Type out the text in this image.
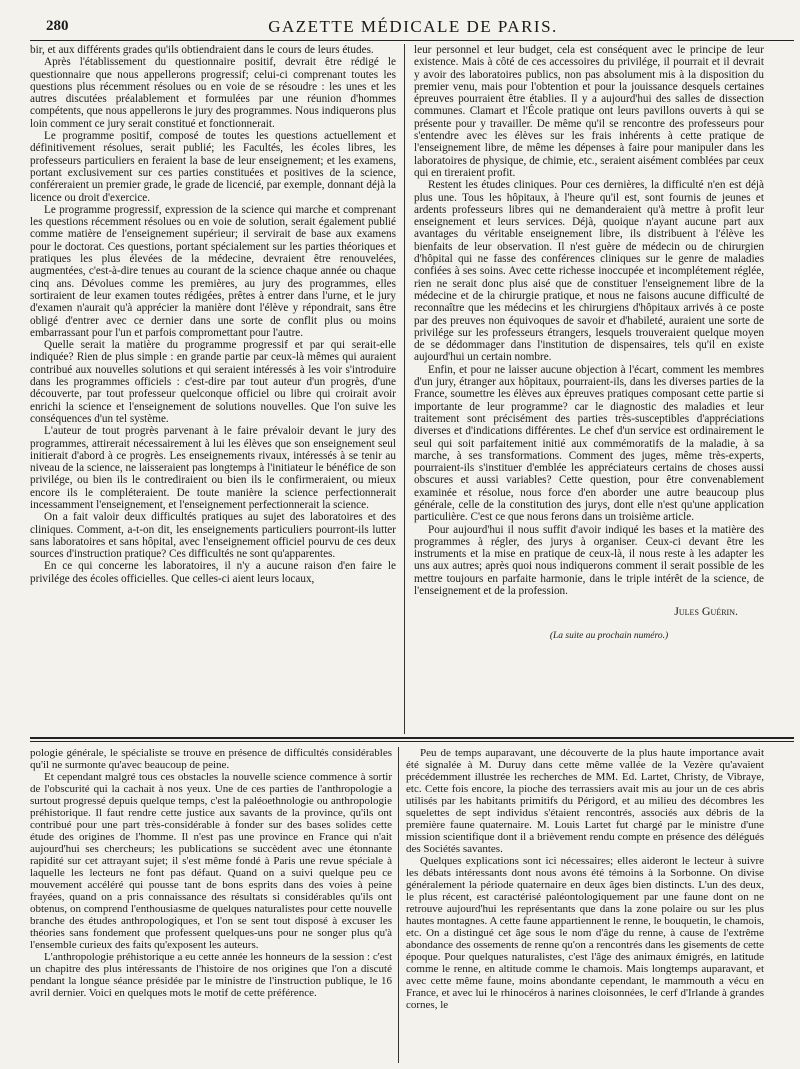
280	GAZETTE MÉDICALE DE PARIS.

bir, et aux différents grades qu'ils obtiendraient dans le cours de leurs études.

Après l'établissement du questionnaire positif, devrait être rédigé le questionnaire que nous appellerons progressif; celui-ci comprenant toutes les questions plus récemment résolues ou en voie de se résoudre : les unes et les autres discutées préalablement et formulées par une réunion d'hommes compétents, que nous appellerons le jury des programmes. Nous indiquerons plus loin comment ce jury serait constitué et fonctionnerait.

Le programme positif, composé de toutes les questions actuellement et définitivement résolues, serait publié; les Facultés, les écoles libres, les professeurs particuliers en feraient la base de leur enseignement; et les examens, portant exclusivement sur ces parties constituées et positives de la science, conféreraient un premier grade, le grade de licencié, par exemple, donnant déjà la licence ou droit d'exercice.

Le programme progressif, expression de la science qui marche et comprenant les questions récemment résolues ou en voie de solution, serait également publié comme matière de l'enseignement supérieur; il servirait de base aux examens pour le doctorat. Ces questions, portant spécialement sur les parties théoriques et pratiques les plus élevées de la médecine, devraient être renouvelées, augmentées, c'est-à-dire tenues au courant de la science chaque année ou chaque cinq ans. Dévolues comme les premières, au jury des programmes, elles sortiraient de leur examen toutes rédigées, prêtes à entrer dans l'urne, et le jury d'examen n'aurait qu'à apprécier la manière dont l'élève y répondrait, sans être obligé d'entrer avec ce dernier dans une sorte de conflit plus ou moins embarrassant pour l'un et parfois compromettant pour l'autre.

Quelle serait la matière du programme progressif et par qui serait-elle indiquée? Rien de plus simple : en grande partie par ceux-là mêmes qui auraient contribué aux nouvelles solutions et qui seraient intéressés à les voir s'introduire dans les programmes officiels : c'est-dire par tout auteur d'un progrès, d'une découverte, par tout professeur quelconque officiel ou libre qui croirait avoir enrichi la science et l'enseignement de solutions nouvelles. Que l'on suive les conséquences d'un tel système.

L'auteur de tout progrès parvenant à le faire prévaloir devant le jury des programmes, attirerait nécessairement à lui les élèves que son enseignement seul initierait d'abord à ce progrès. Les enseignements rivaux, intéressés à se tenir au niveau de la science, ne laisseraient pas longtemps à l'initiateur le bénéfice de son privilége, ou bien ils le contrediraient ou bien ils le confirmeraient, ou mieux encore ils le compléteraient. De toute manière la science perfectionnerait incessamment l'enseignement, et l'enseignement perfectionnerait la science.

On a fait valoir deux difficultés pratiques au sujet des laboratoires et des cliniques. Comment, a-t-on dit, les enseignements particuliers pourront-ils lutter sans laboratoires et sans hôpital, avec l'enseignement officiel pourvu de ces deux sources d'instruction pratique? Ces difficultés ne sont qu'apparentes.

En ce qui concerne les laboratoires, il n'y a aucune raison d'en faire le privilége des écoles officielles. Que celles-ci aient leurs locaux,

leur personnel et leur budget, cela est conséquent avec le principe de leur existence. Mais à côté de ces accessoires du privilége, il pourrait et il devrait y avoir des laboratoires publics, non pas absolument mis à la disposition du premier venu, mais pour l'obtention et pour la jouissance desquels certaines épreuves pourraient être établies. Il y a aujourd'hui des salles de dissection communes. Clamart et l'École pratique ont leurs pavillons ouverts à qui se présente pour y travailler. De même qu'il se rencontre des professeurs pour s'entendre avec les élèves sur les frais inhérents à cette pratique de l'enseignement libre, de même les dépenses à faire pour manipuler dans les laboratoires de physique, de chimie, etc., seraient aisément comblées par ceux qui en tireraient profit.

Restent les études cliniques. Pour ces dernières, la difficulté n'en est déjà plus une. Tous les hôpitaux, à l'heure qu'il est, sont fournis de jeunes et ardents professeurs libres qui ne demanderaient qu'à mettre à profit leur enseignement et leurs services. Déjà, quoique n'ayant aucune part aux avantages du véritable enseignement libre, ils distribuent à l'élève les bienfaits de leur observation. Il n'est guère de médecin ou de chirurgien d'hôpital qui ne fasse des conférences cliniques sur le genre de maladies confiées à ses soins. Avec cette richesse inoccupée et incomplétement réglée, rien ne serait donc plus aisé que de constituer l'enseignement libre de la médecine et de la chirurgie pratique, et nous ne faisons aucune difficulté de reconnaître que les médecins et les chirurgiens d'hôpitaux arrivés à ce poste par des preuves non équivoques de savoir et d'habileté, auraient une sorte de privilége sur les professeurs étrangers, lesquels trouveraient quelque moyen de se dédommager dans l'institution de dispensaires, tels qu'il en existe aujourd'hui un certain nombre.

Enfin, et pour ne laisser aucune objection à l'écart, comment les membres d'un jury, étranger aux hôpitaux, pourraient-ils, dans les diverses parties de la France, soumettre les élèves aux épreuves pratiques composant cette partie si importante de leur programme? car le diagnostic des maladies et leur traitement sont précisément des parties très-susceptibles d'appréciations diverses et d'indications différentes. Le chef d'un service est ordinairement le seul qui soit parfaitement initié aux commémoratifs de la maladie, à sa marche, à ses transformations. Comment des juges, même très-experts, pourraient-ils s'instituer d'emblée les appréciateurs certains de choses aussi obscures et aussi variables? Cette question, pour être convenablement examinée et résolue, nous force d'en aborder une autre beaucoup plus générale, celle de la constitution des jurys, dont elle n'est qu'une application particulière. C'est ce que nous ferons dans un troisième article.

Pour aujourd'hui il nous suffit d'avoir indiqué les bases et la matière des programmes à régler, des jurys à organiser. Ceux-ci devant être les instruments et la mise en pratique de ceux-là, il nous reste à les adapter les uns aux autres; après quoi nous indiquerons comment il serait possible de les mettre toujours en parfaite harmonie, dans le triple intérêt de la science, de l'enseignement et de la profession.

Jules Guérin.
(La suite au prochain numéro.)

pologie générale, le spécialiste se trouve en présence de difficultés considérables qu'il ne surmonte qu'avec beaucoup de peine.

Et cependant malgré tous ces obstacles la nouvelle science commence à sortir de l'obscurité qui la cachait à nos yeux. Une de ces parties de l'anthropologie a surtout progressé depuis quelque temps, c'est la paléoethnologie ou anthropologie préhistorique. Il faut rendre cette justice aux savants de la province, qu'ils ont contribué pour une part très-considérable à fonder sur des bases solides cette étude des origines de l'homme. Il n'est pas une province en France qui n'ait aujourd'hui ses chercheurs; les publications se succèdent avec une étonnante rapidité sur cet attrayant sujet; il s'est même fondé à Paris une revue spéciale à laquelle les lecteurs ne font pas défaut. Quand on a suivi quelque peu ce mouvement accéléré qui pousse tant de bons esprits dans des voies à peine frayées, quand on a pris connaissance des résultats si considérables qu'ils ont obtenus, on comprend l'enthousiasme de quelques naturalistes pour cette nouvelle branche des études anthropologiques, et l'on se sent tout disposé à excuser les théories sans fondement que professent quelques-uns pour ne songer plus qu'à l'ensemble curieux des faits qu'exposent les auteurs.

L'anthropologie préhistorique a eu cette année les honneurs de la session : c'est un chapitre des plus intéressants de l'histoire de nos origines que l'on a discuté pendant la longue séance présidée par le ministre de l'instruction publique, le 16 avril dernier. Voici en quelques mots le motif de cette préférence.

Peu de temps auparavant, une découverte de la plus haute importance avait été signalée à M. Duruy dans cette même vallée de la Vezère qu'avaient précédemment illustrée les recherches de MM. Ed. Lartet, Christy, de Vibraye, etc. Cette fois encore, la pioche des terrassiers avait mis au jour un de ces abris utilisés par les habitants primitifs du Périgord, et au milieu des décombres les squelettes de sept individus s'étaient rencontrés, associés aux débris de la première faune quaternaire. M. Louis Lartet fut chargé par le ministre d'une mission scientifique dont il a brièvement rendu compte en présence des délégués des Sociétés savantes.

Quelques explications sont ici nécessaires; elles aideront le lecteur à suivre les débats intéressants dont nous avons été témoins à la Sorbonne. On divise généralement la période quaternaire en deux âges bien distincts. L'un des deux, le plus récent, est caractérisé paléontologiquement par une faune dont on ne retrouve aujourd'hui les représentants que dans la zone polaire ou sur les plus hautes montagnes. A cette faune appartiennent le renne, le bouquetin, le chamois, etc. On a distingué cet âge sous le nom d'âge du renne, à cause de l'extrême abondance des ossements de renne qu'on a rencontrés dans les gisements de cette époque. Pour quelques naturalistes, c'est l'âge des animaux émigrés, en latitude comme le renne, en altitude comme le chamois. Mais longtemps auparavant, et avec cette même faune, moins abondante cependant, le mammouth a vécu en France, et avec lui le rhinocéros à narines cloisonnées, le cerf d'Irlande à grandes cornes, le
